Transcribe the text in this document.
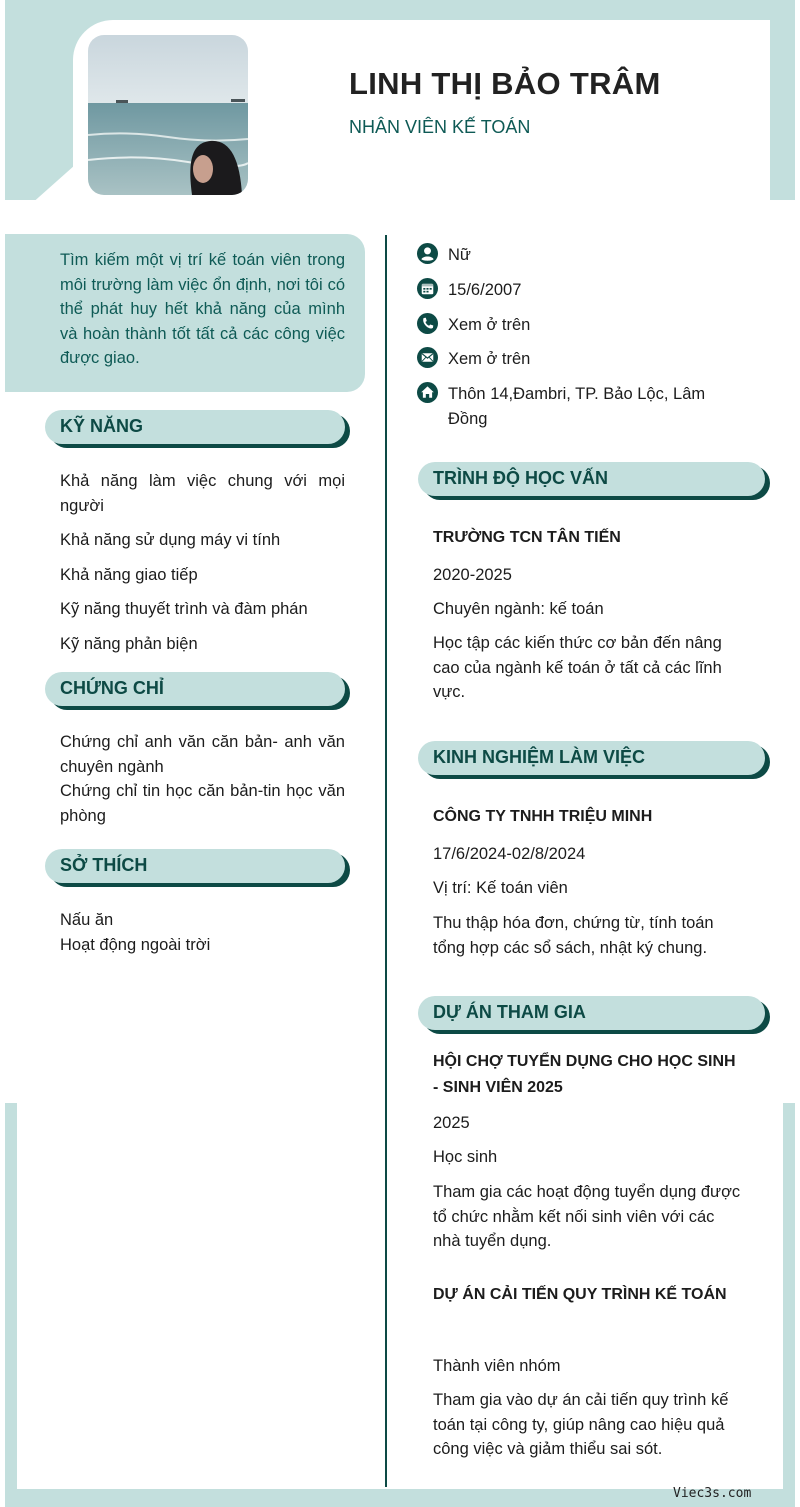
LINH THỊ BẢO TRÂM
NHÂN VIÊN KẾ TOÁN
Tìm kiếm một vị trí kế toán viên trong môi trường làm việc ổn định, nơi tôi có thể phát huy hết khả năng của mình và hoàn thành tốt tất cả các công việc được giao.
KỸ NĂNG

Khả năng làm việc chung với mọi người

Khả năng sử dụng máy vi tính

Khả năng giao tiếp

Kỹ năng thuyết trình và đàm phán

Kỹ năng phản biện

CHỨNG CHỈ

Chứng chỉ anh văn căn bản- anh văn chuyên ngành

Chứng chỉ tin học căn bản-tin học văn phòng

SỞ THÍCH

Nấu ăn

Hoạt động ngoài trời

Nữ
15/6/2007
Xem ở trên
Xem ở trên
Thôn 14,Đambri, TP. Bảo Lộc, Lâm Đồng
TRÌNH ĐỘ HỌC VẤN
TRƯỜNG TCN TÂN TIẾN
2020-2025
Chuyên ngành: kế toán
Học tập các kiến thức cơ bản đến nâng cao của ngành kế toán ở tất cả các lĩnh vực.
KINH NGHIỆM LÀM VIỆC
CÔNG TY TNHH TRIỆU MINH
17/6/2024-02/8/2024
Vị trí: Kế toán viên
Thu thập hóa đơn, chứng từ, tính toán tổng hợp các sổ sách, nhật ký chung.
DỰ ÁN THAM GIA
HỘI CHỢ TUYỂN DỤNG CHO HỌC SINH - SINH VIÊN 2025
2025
Học sinh
Tham gia các hoạt động tuyển dụng được tổ chức nhằm kết nối sinh viên với các nhà tuyển dụng.
DỰ ÁN CẢI TIẾN QUY TRÌNH KẾ TOÁN
Thành viên nhóm
Tham gia vào dự án cải tiến quy trình kế toán tại công ty, giúp nâng cao hiệu quả công việc và giảm thiểu sai sót.
Viec3s.com
